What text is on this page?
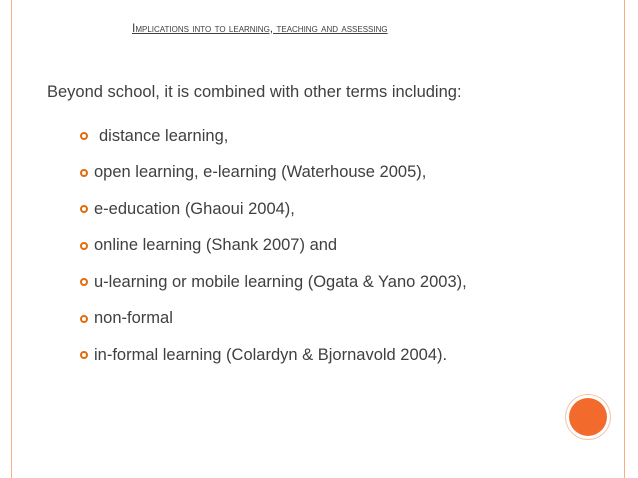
Implications into to learning, teaching and assessing
Beyond school, it is combined with other terms including:
distance learning,
open learning, e-learning (Waterhouse 2005),
e-education (Ghaoui 2004),
online learning (Shank 2007) and
u-learning or mobile learning (Ogata & Yano 2003),
non-formal
in-formal learning (Colardyn & Bjornavold 2004).
